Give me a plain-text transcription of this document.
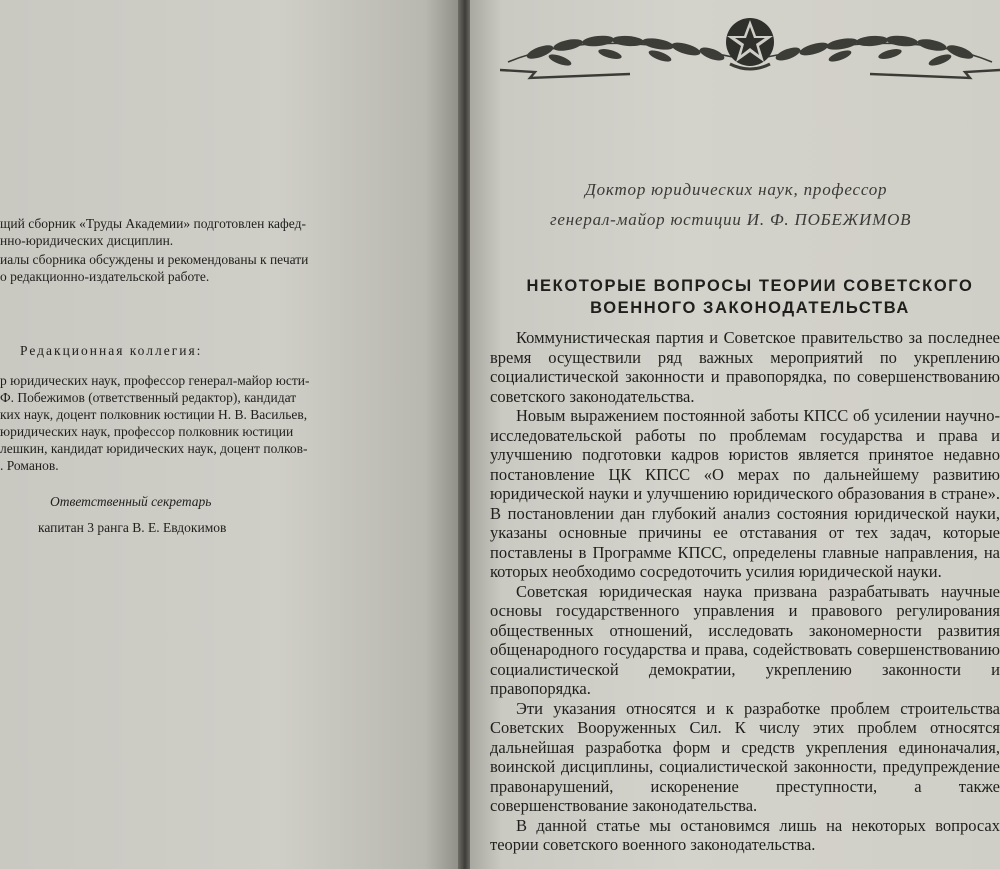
щий сборник «Труды Академии» подготовлен кафед-
нно-юридических дисциплин.
иалы сборника обсуждены и рекомендованы к печати
о редакционно-издательской работе.
Редакционная коллегия:
р юридических наук, профессор генерал-майор юсти-
Ф. Побежимов (ответственный редактор), кандидат
ких наук, доцент полковник юстиции Н. В. Васильев,
юридических наук, профессор полковник юстиции
лешкин, кандидат юридических наук, доцент полков-
. Романов.
Ответственный секретарь
капитан 3 ранга В. Е. Евдокимов
Доктор юридических наук, профессор
генерал-майор юстиции И. Ф. ПОБЕЖИМОВ
НЕКОТОРЫЕ ВОПРОСЫ ТЕОРИИ СОВЕТСКОГО
ВОЕННОГО ЗАКОНОДАТЕЛЬСТВА

Коммунистическая партия и Советское правительство за последнее время осуществили ряд важных мероприятий по укреплению социалистической законности и правопорядка, по совершенствованию советского законодательства.

Новым выражением постоянной заботы КПСС об усилении научно-исследовательской работы по проблемам государства и права и улучшению подготовки кадров юристов является принятое недавно постановление ЦК КПСС «О мерах по дальнейшему развитию юридической науки и улучшению юридического образования в стране». В постановлении дан глубокий анализ состояния юридической науки, указаны основные причины ее отставания от тех задач, которые поставлены в Программе КПСС, определены главные направления, на которых необходимо сосредоточить усилия юридической науки.

Советская юридическая наука призвана разрабатывать научные основы государственного управления и правового регулирования общественных отношений, исследовать закономерности развития общенародного государства и права, содействовать совершенствованию социалистической демократии, укреплению законности и правопорядка.

Эти указания относятся и к разработке проблем строительства Советских Вооруженных Сил. К числу этих проблем относятся дальнейшая разработка форм и средств укрепления единоначалия, воинской дисциплины, социалистической законности, предупреждение правонарушений, искоренение преступности, а также совершенствование законодательства.

В данной статье мы остановимся лишь на некоторых вопросах теории советского военного законодательства.
